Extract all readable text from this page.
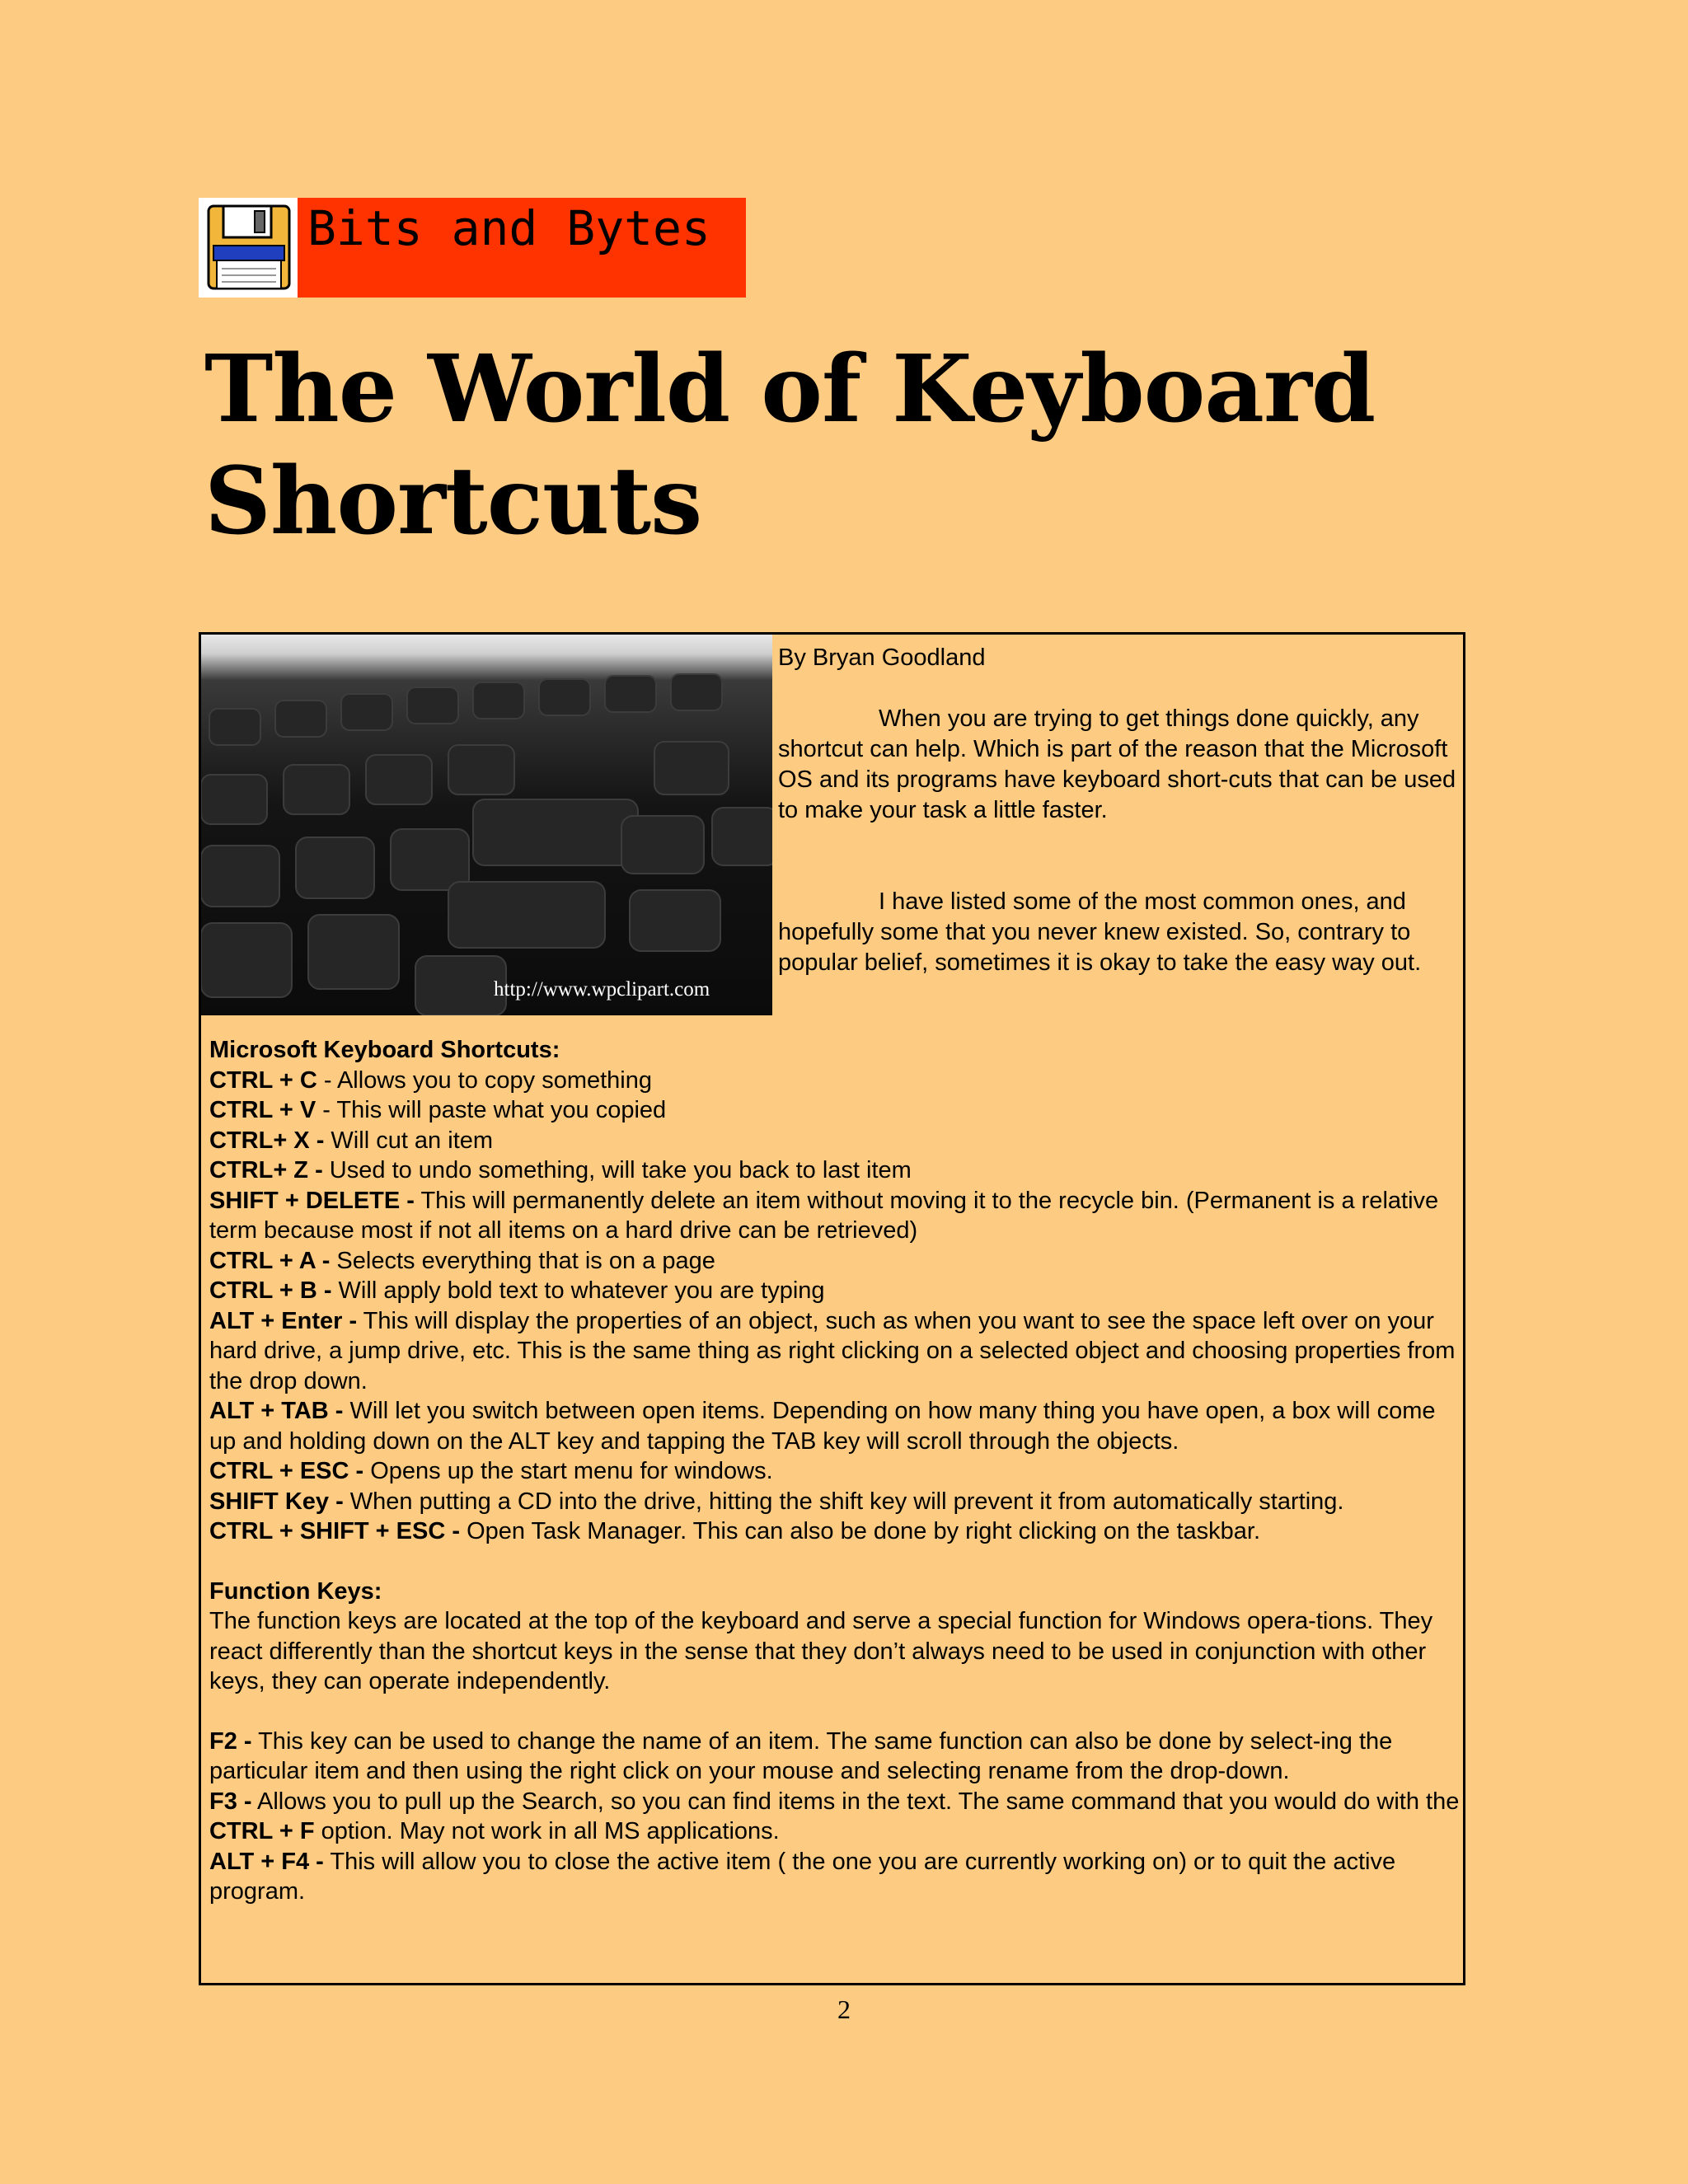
Bits and Bytes
The World of Keyboard Shortcuts
http://www.wpclipart.com

By Bryan Goodland

When you are trying to get things done quickly, any shortcut can help. Which is part of the reason that the Microsoft OS and its programs have keyboard short-cuts that can be used to make your task a little faster.

I have listed some of the most common ones, and hopefully some that you never knew existed. So, contrary to popular belief, sometimes it is okay to take the easy way out.

Microsoft Keyboard Shortcuts:

CTRL + C - Allows you to copy something

CTRL + V - This will paste what you copied

CTRL+ X - Will cut an item

CTRL+ Z - Used to undo something, will take you back to last item

SHIFT + DELETE - This will permanently delete an item without moving it to the recycle bin. (Permanent is a relative term because most if not all items on a hard drive can be retrieved)

CTRL + A - Selects everything that is on a page

CTRL + B - Will apply bold text to whatever you are typing

ALT + Enter - This will display the properties of an object, such as when you want to see the space left over on your hard drive, a jump drive, etc. This is the same thing as right clicking on a selected object and choosing properties from the drop down.

ALT + TAB - Will let you switch between open items. Depending on how many thing you have open, a box will come up and holding down on the ALT key and tapping the TAB key will scroll through the objects.

CTRL + ESC - Opens up the start menu for windows.

SHIFT Key - When putting a CD into the drive, hitting the shift key will prevent it from automatically starting.

CTRL + SHIFT + ESC - Open Task Manager. This can also be done by right clicking on the taskbar.

Function Keys:

The function keys are located at the top of the keyboard and serve a special function for Windows opera-tions. They react differently than the shortcut keys in the sense that they don’t always need to be used in conjunction with other keys, they can operate independently.

F2 - This key can be used to change the name of an item. The same function can also be done by select-ing the particular item and then using the right click on your mouse and selecting rename from the drop-down.

F3 - Allows you to pull up the Search, so you can find items in the text. The same command that you would do with the CTRL + F option. May not work in all MS applications.

ALT + F4 - This will allow you to close the active item ( the one you are currently working on) or to quit the active program.

2
